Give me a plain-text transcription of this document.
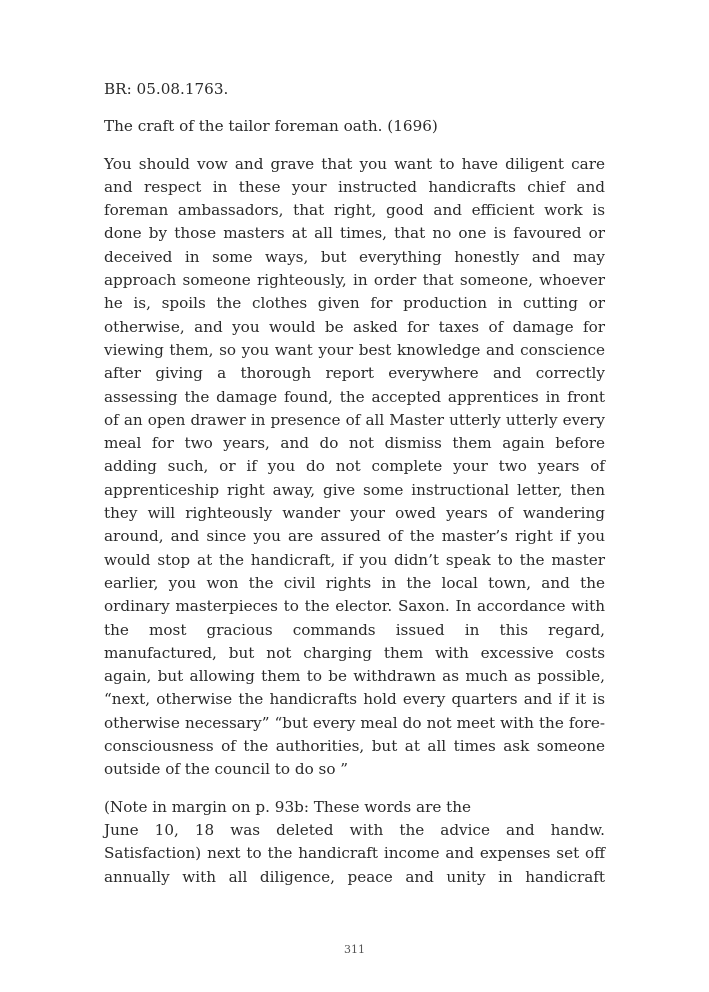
BR: 05.08.1763.

The craft of the tailor foreman oath. (1696)

You should vow and grave that you want to have diligent care and respect in these your instructed handicrafts chief and foreman ambassadors, that right, good and efficient work is done by those masters at all times, that no one is favoured or deceived in some ways, but everything honestly and may approach someone righteously, in order that someone, whoever he is, spoils the clothes given for production in cutting or otherwise, and you would be asked for taxes of damage for viewing them, so you want your best knowledge and conscience after giving a thorough report everywhere and correctly assessing the damage found, the accepted apprentices in front of an open drawer in presence of all Master utterly utterly every meal for two years, and do not dismiss them again before adding such, or if you do not complete your two years of apprenticeship right away, give some instructional letter, then they will righteously wander your owed years of wandering around, and since you are assured of the master’s right if you would stop at the handicraft, if you didn’t speak to the master earlier, you won the civil rights in the local town, and the ordinary masterpieces to the elector. Saxon. In accordance with the most gracious commands issued in this regard, manufactured, but not charging them with excessive costs again, but allowing them to be withdrawn as much as possible, “next, otherwise the handicrafts hold every quarters and if it is otherwise necessary” “but every meal do not meet with the fore-consciousness of the authorities, but at all times ask someone outside of the council to do so ”

(Note in margin on p. 93b: These words are the

June 10, 18 was deleted with the advice and handw. Satisfaction) next to the handicraft income and expenses set off annually with all diligence, peace and unity in handicraft

311
